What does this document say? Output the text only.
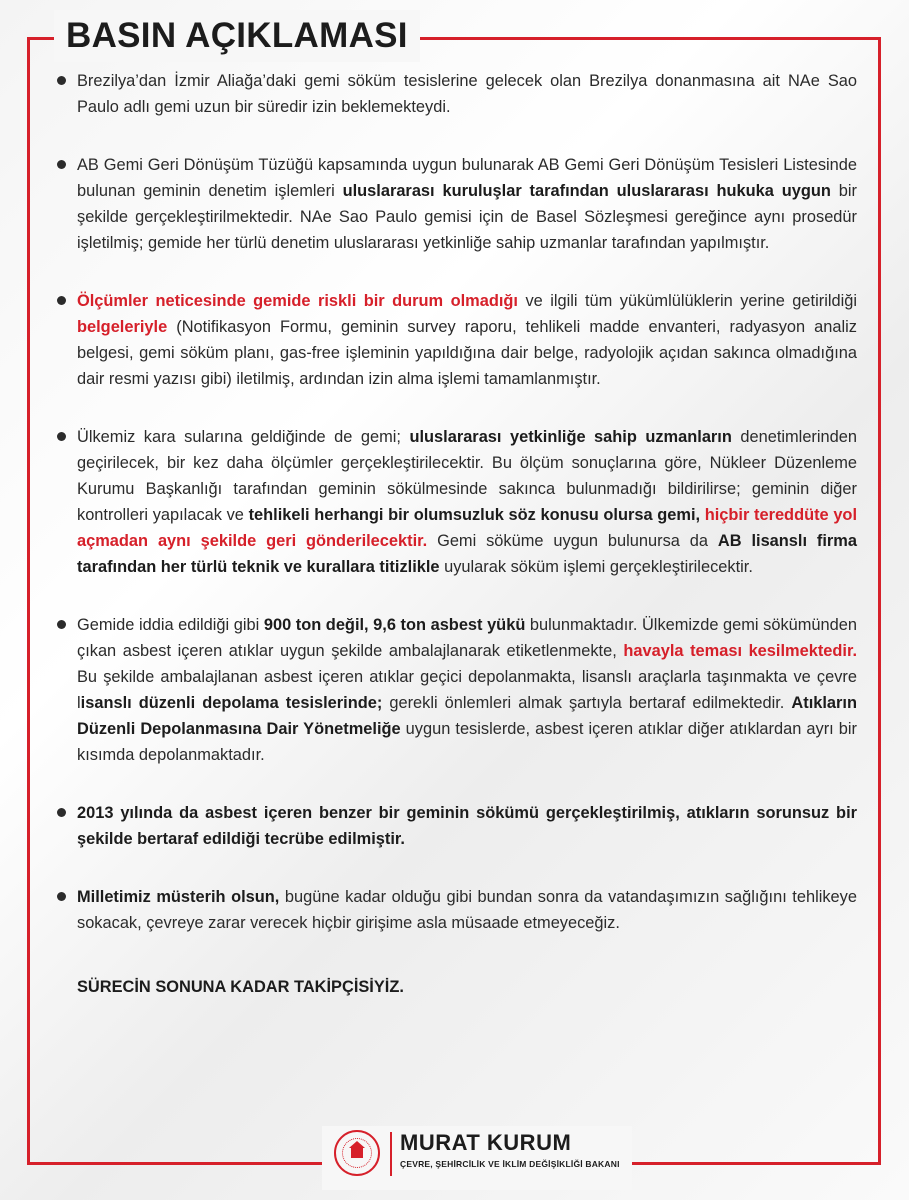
BASIN AÇIKLAMASI

Brezilya’dan İzmir Aliağa’daki gemi söküm tesislerine gelecek olan Brezilya donanmasına ait NAe Sao Paulo adlı gemi uzun bir süredir izin beklemekteydi.

AB Gemi Geri Dönüşüm Tüzüğü kapsamında uygun bulunarak AB Gemi Geri Dönüşüm Tesisleri Listesinde bulunan geminin denetim işlemleri uluslararası kuruluşlar tarafından uluslararası hukuka uygun bir şekilde gerçekleştirilmektedir. NAe Sao Paulo gemisi için de Basel Sözleşmesi gereğince aynı prosedür işletilmiş; gemide her türlü denetim uluslararası yetkinliğe sahip uzmanlar tarafından yapılmıştır.

Ölçümler neticesinde gemide riskli bir durum olmadığı ve ilgili tüm yükümlülüklerin yerine getirildiği belgeleriyle (Notifikasyon Formu, geminin survey raporu, tehlikeli madde envanteri, radyasyon analiz belgesi, gemi söküm planı, gas-free işleminin yapıldığına dair belge, radyolojik açıdan sakınca olmadığına dair resmi yazısı gibi) iletilmiş, ardından izin alma işlemi tamamlanmıştır.

Ülkemiz kara sularına geldiğinde de gemi; uluslararası yetkinliğe sahip uzmanların denetimlerinden geçirilecek, bir kez daha ölçümler gerçekleştirilecektir. Bu ölçüm sonuçlarına göre, Nükleer Düzenleme Kurumu Başkanlığı tarafından geminin sökülmesinde sakınca bulunmadığı bildirilirse; geminin diğer kontrolleri yapılacak ve tehlikeli herhangi bir olumsuzluk söz konusu olursa gemi, hiçbir tereddüte yol açmadan aynı şekilde geri gönderilecektir. Gemi söküme uygun bulunursa da AB lisanslı firma tarafından her türlü teknik ve kurallara titizlikle uyularak söküm işlemi gerçekleştirilecektir.

Gemide iddia edildiği gibi 900 ton değil, 9,6 ton asbest yükü bulunmaktadır. Ülkemizde gemi sökümünden çıkan asbest içeren atıklar uygun şekilde ambalajlanarak etiketlenmekte, havayla teması kesilmektedir. Bu şekilde ambalajlanan asbest içeren atıklar geçici depolanmakta, lisanslı araçlarla taşınmakta ve çevre lisanslı düzenli depolama tesislerinde; gerekli önlemleri almak şartıyla bertaraf edilmektedir. Atıkların Düzenli Depolanmasına Dair Yönetmeliğe uygun tesislerde, asbest içeren atıklar diğer atıklardan ayrı bir kısımda depolanmaktadır.

2013 yılında da asbest içeren benzer bir geminin sökümü gerçekleştirilmiş, atıkların sorunsuz bir şekilde bertaraf edildiği tecrübe edilmiştir.

Milletimiz müsterih olsun, bugüne kadar olduğu gibi bundan sonra da vatandaşımızın sağlığını tehlikeye sokacak, çevreye zarar verecek hiçbir girişime asla müsaade etmeyeceğiz.

SÜRECİN SONUNA KADAR TAKİPÇİSİYİZ.
MURAT KURUM
ÇEVRE, ŞEHİRCİLİK VE İKLİM DEĞİŞİKLİĞİ BAKANI
